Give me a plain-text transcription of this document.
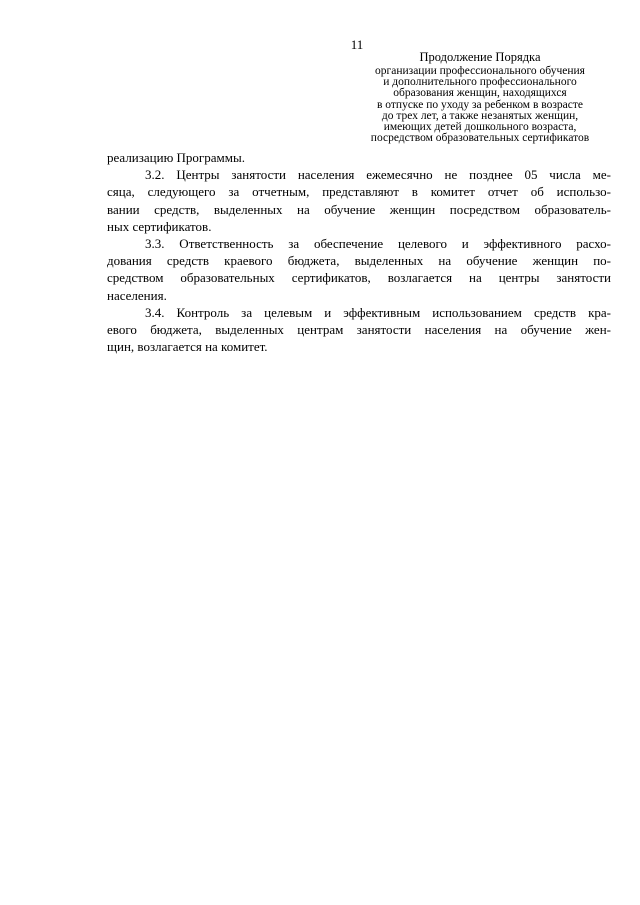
11

Продолжение Порядка

организации профессионального обучения

и дополнительного профессионального

образования женщин, находящихся

в отпуске по уходу за ребенком в возрасте

до трех лет, а также незанятых женщин,

имеющих детей дошкольного возраста,

посредством образовательных сертификатов

реализацию Программы.
3.2. Центры занятости населения ежемесячно не позднее 05 числа ме-
сяца, следующего за отчетным, представляют в комитет отчет об использо-
вании средств, выделенных на обучение женщин посредством образователь-
ных сертификатов.
3.3. Ответственность за обеспечение целевого и эффективного расхо-
дования средств краевого бюджета, выделенных на обучение женщин по-
средством образовательных сертификатов, возлагается на центры занятости
населения.
3.4. Контроль за целевым и эффективным использованием средств кра-
евого бюджета, выделенных центрам занятости населения на обучение жен-
щин, возлагается на комитет.
